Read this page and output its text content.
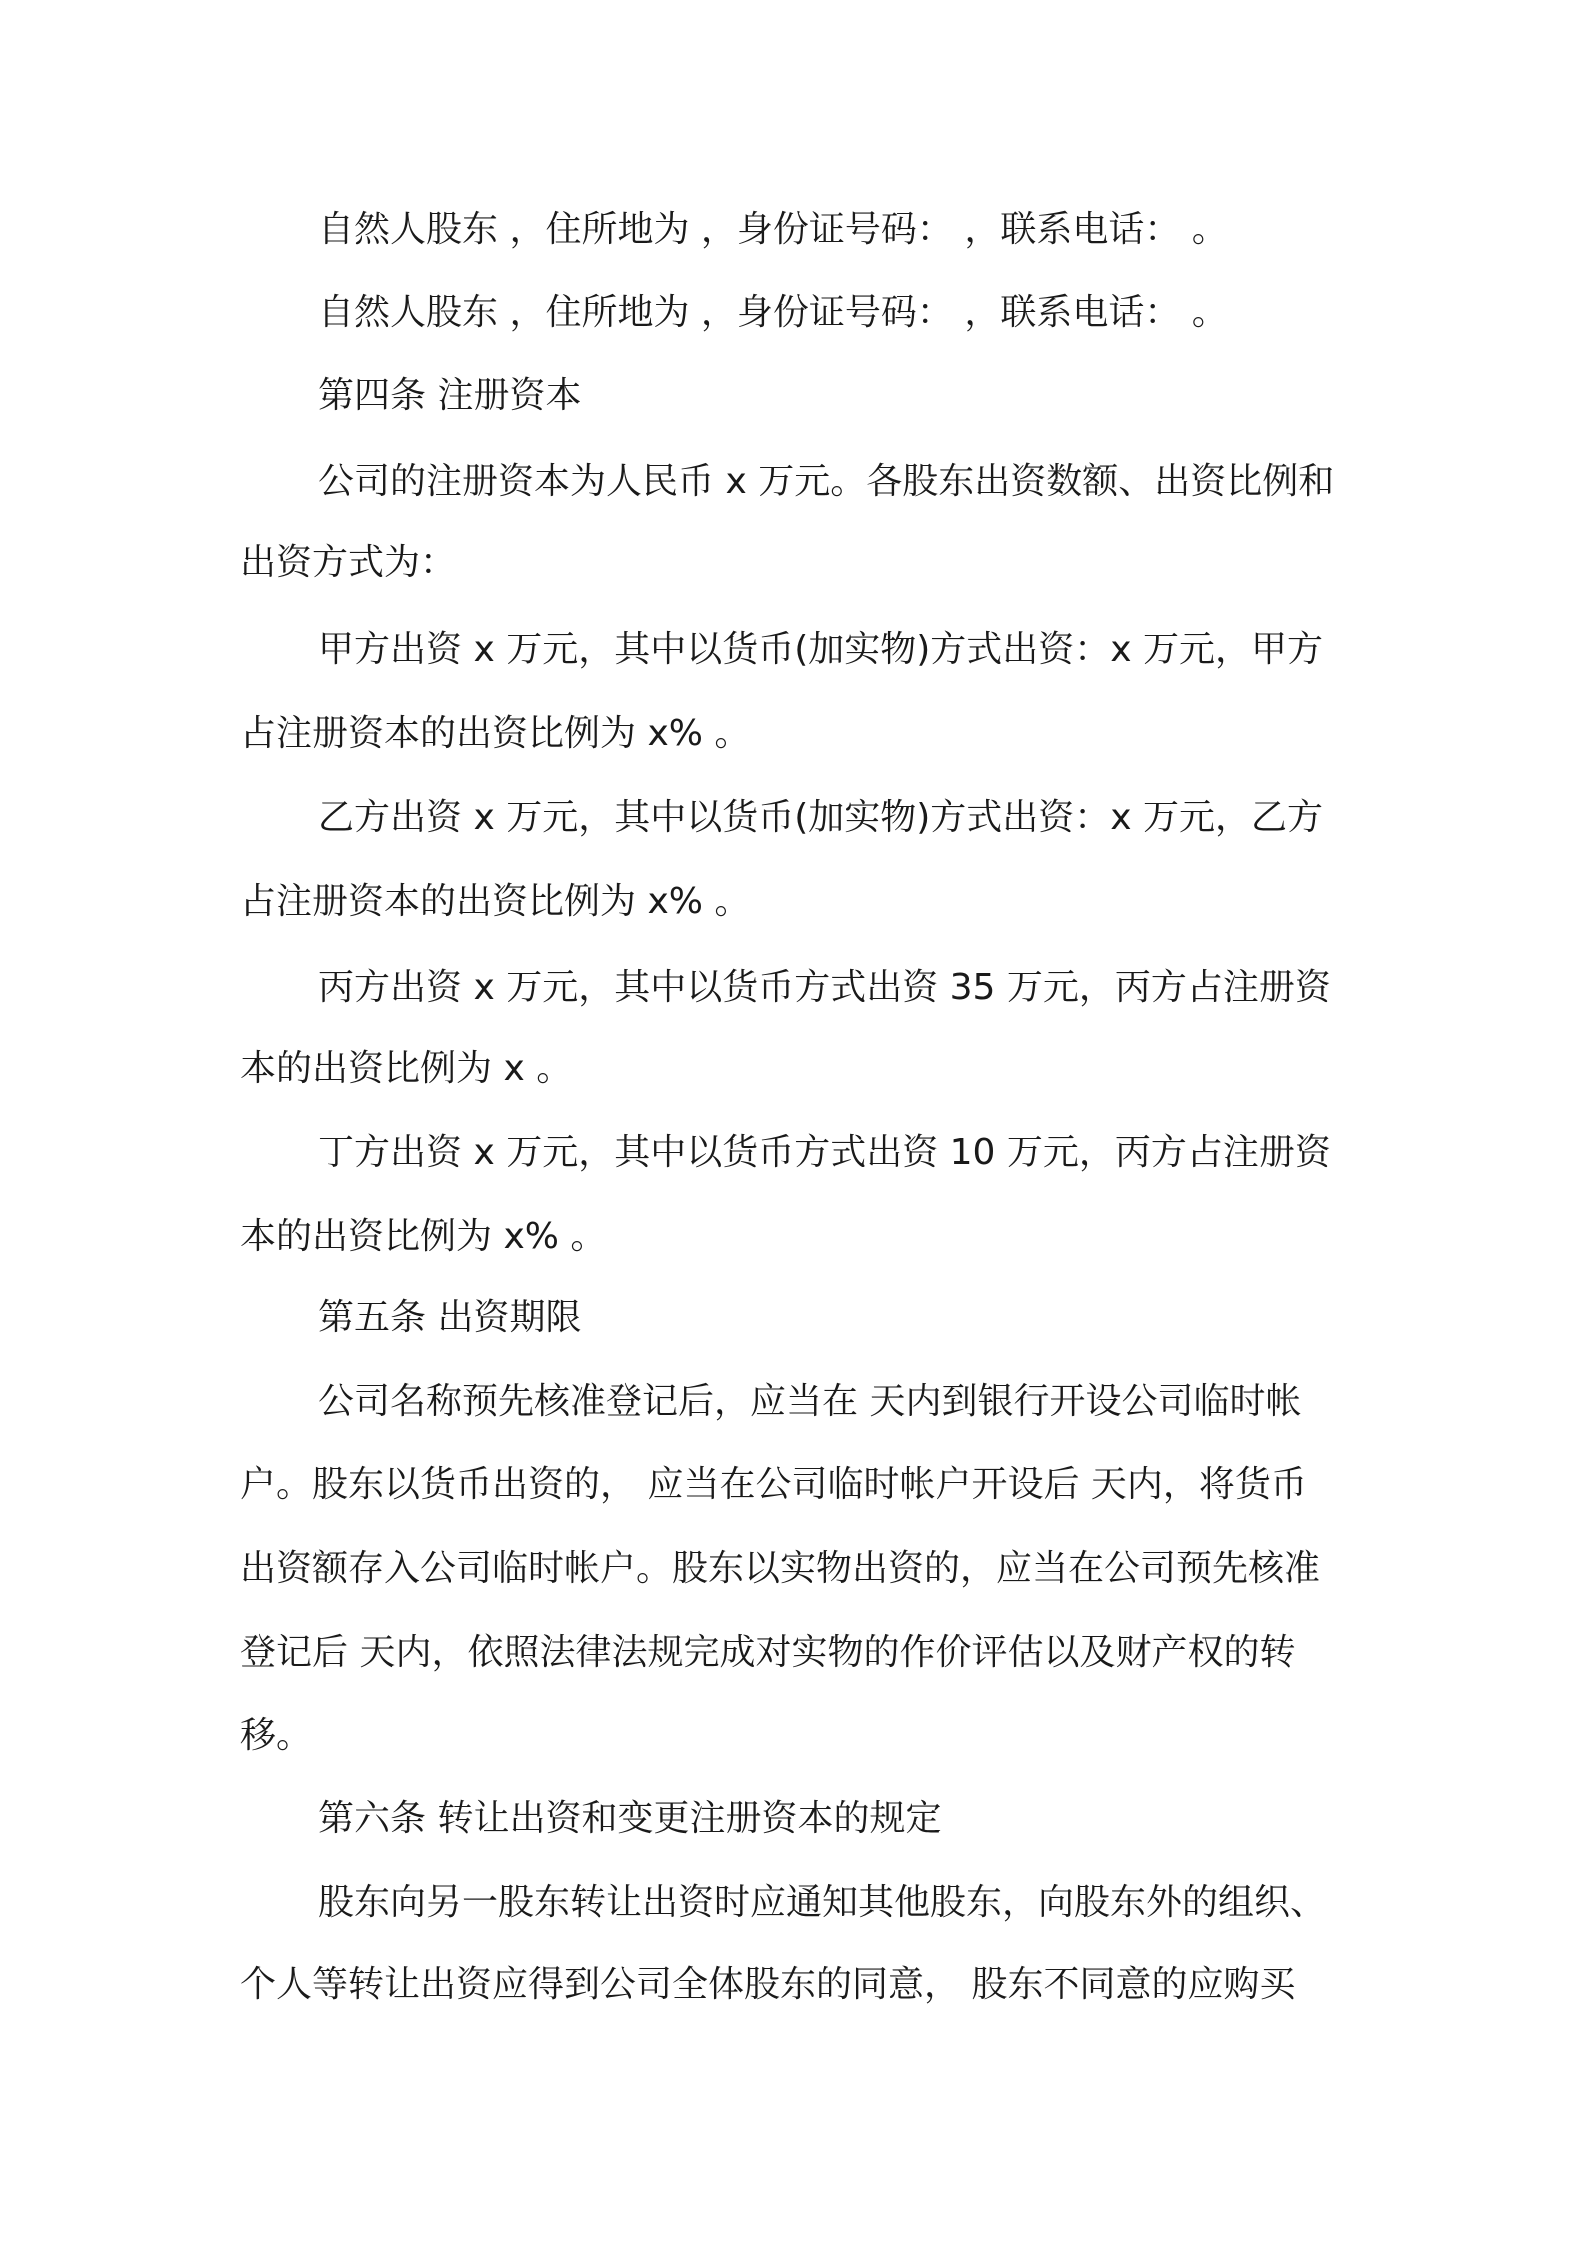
自然人股东 ，住所地为 ，身份证号码： ，联系电话： 。
自然人股东 ，住所地为 ，身份证号码： ，联系电话： 。
第四条 注册资本
公司的注册资本为人民币 x 万元。各股东出资数额、出资比例和
出资方式为：
甲方出资 x 万元，其中以货币(加实物)方式出资：x 万元，甲方
占注册资本的出资比例为 x% 。
乙方出资 x 万元，其中以货币(加实物)方式出资：x 万元，乙方
占注册资本的出资比例为 x% 。
丙方出资 x 万元，其中以货币方式出资 35 万元，丙方占注册资
本的出资比例为 x 。
丁方出资 x 万元，其中以货币方式出资 10 万元，丙方占注册资
本的出资比例为 x% 。
第五条 出资期限
公司名称预先核准登记后，应当在 天内到银行开设公司临时帐
户。股东以货币出资的， 应当在公司临时帐户开设后 天内，将货币
出资额存入公司临时帐户。股东以实物出资的，应当在公司预先核准
登记后 天内，依照法律法规完成对实物的作价评估以及财产权的转
移。
第六条 转让出资和变更注册资本的规定
股东向另一股东转让出资时应通知其他股东，向股东外的组织、
个人等转让出资应得到公司全体股东的同意， 股东不同意的应购买
